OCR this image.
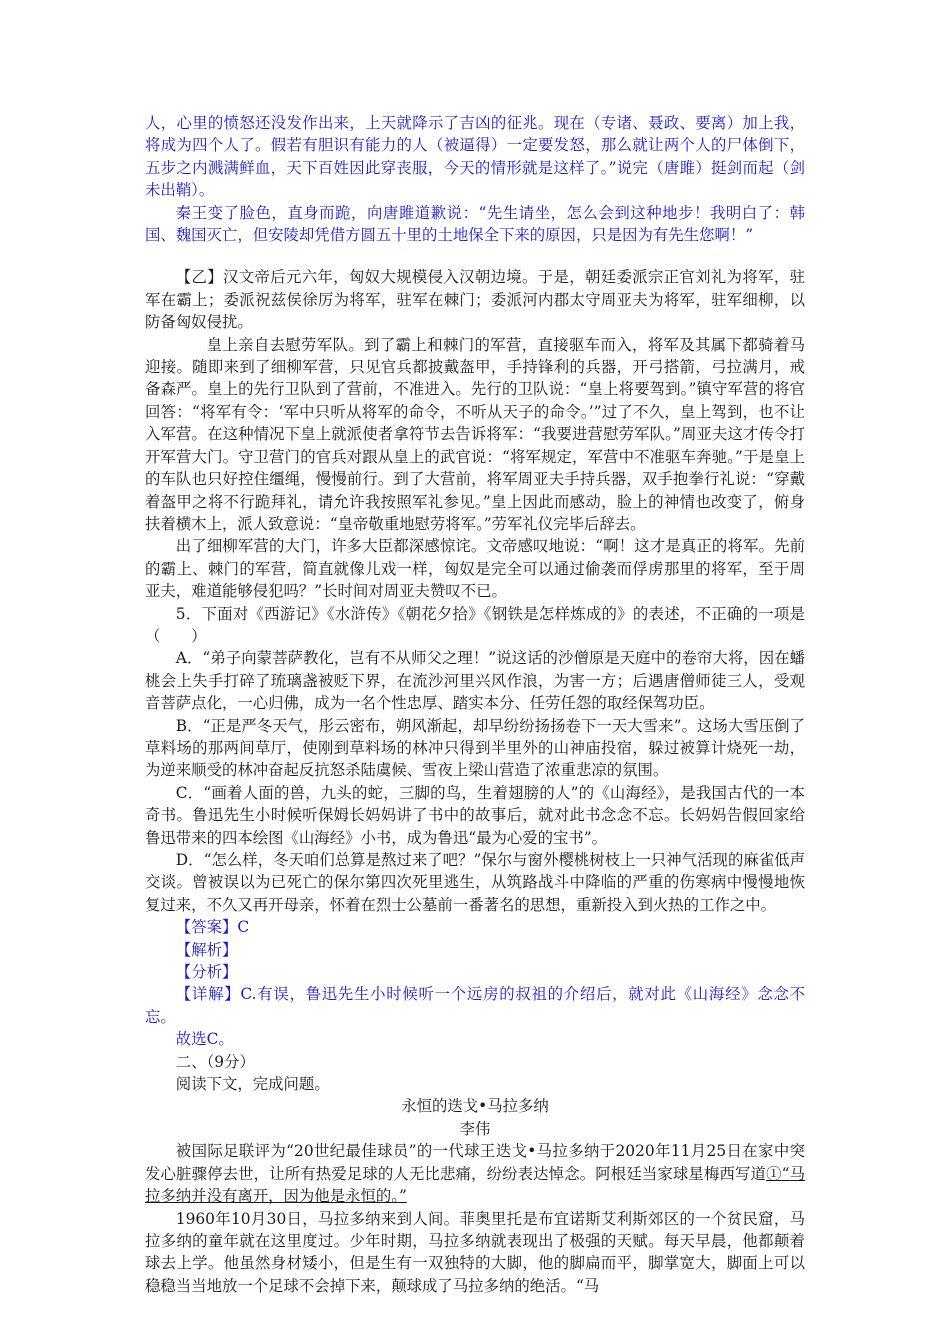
人，心里的愤怒还没发作出来，上天就降示了吉凶的征兆。现在（专诸、聂政、要离）加上我，将成为四个人了。假若有胆识有能力的人（被逼得）一定要发怒，那么就让两个人的尸体倒下，五步之内溅满鲜血，天下百姓因此穿丧服，今天的情形就是这样了。”说完（唐雎）挺剑而起（剑未出鞘）。

秦王变了脸色，直身而跪，向唐雎道歉说：“先生请坐，怎么会到这种地步！我明白了：韩国、魏国灭亡，但安陵却凭借方圆五十里的土地保全下来的原因，只是因为有先生您啊！”

【乙】汉文帝后元六年，匈奴大规模侵入汉朝边境。于是，朝廷委派宗正官刘礼为将军，驻军在霸上；委派祝兹侯徐厉为将军，驻军在棘门；委派河内郡太守周亚夫为将军，驻军细柳，以防备匈奴侵扰。

皇上亲自去慰劳军队。到了霸上和棘门的军营，直接驱车而入，将军及其属下都骑着马迎接。随即来到了细柳军营，只见官兵都披戴盔甲，手持锋利的兵器，开弓搭箭，弓拉满月，戒备森严。皇上的先行卫队到了营前，不准进入。先行的卫队说：“皇上将要驾到。”镇守军营的将官回答：“将军有令：‘军中只听从将军的命令，不听从天子的命令。’”过了不久，皇上驾到，也不让入军营。在这种情况下皇上就派使者拿符节去告诉将军：“我要进营慰劳军队。”周亚夫这才传令打开军营大门。守卫营门的官兵对跟从皇上的武官说：“将军规定，军营中不准驱车奔驰。”于是皇上的车队也只好控住缰绳，慢慢前行。到了大营前，将军周亚夫手持兵器，双手抱拳行礼说：“穿戴着盔甲之将不行跪拜礼，请允许我按照军礼参见。”皇上因此而感动，脸上的神情也改变了，俯身扶着横木上，派人致意说：“皇帝敬重地慰劳将军。”劳军礼仪完毕后辞去。

出了细柳军营的大门，许多大臣都深感惊诧。文帝感叹地说：“啊！这才是真正的将军。先前的霸上、棘门的军营，简直就像儿戏一样，匈奴是完全可以通过偷袭而俘虏那里的将军，至于周亚夫，难道能够侵犯吗？”长时间对周亚夫赞叹不已。

5．下面对《西游记》《水浒传》《朝花夕拾》《钢铁是怎样炼成的》的表述，不正确的一项是（　　）

A．“弟子向蒙菩萨教化，岂有不从师父之理！”说这话的沙僧原是天庭中的卷帘大将，因在蟠桃会上失手打碎了琉璃盏被贬下界，在流沙河里兴风作浪，为害一方；后遇唐僧师徒三人，受观音菩萨点化，一心归佛，成为一名个性忠厚、踏实本分、任劳任怨的取经保驾功臣。

B．“正是严冬天气，彤云密布，朔风渐起，却早纷纷扬扬卷下一天大雪来”。这场大雪压倒了草料场的那两间草厅，使刚到草料场的林冲只得到半里外的山神庙投宿，躲过被算计烧死一劫，为逆来顺受的林冲奋起反抗怒杀陆虞候、雪夜上梁山营造了浓重悲凉的氛围。

C．“画着人面的兽，九头的蛇，三脚的鸟，生着翅膀的人”的《山海经》，是我国古代的一本奇书。鲁迅先生小时候听保姆长妈妈讲了书中的故事后，就对此书念念不忘。长妈妈告假回家给鲁迅带来的四本绘图《山海经》小书，成为鲁迅“最为心爱的宝书”。

D．“怎么样，冬天咱们总算是熬过来了吧？”保尔与窗外樱桃树枝上一只神气活现的麻雀低声交谈。曾被误以为已死亡的保尔第四次死里逃生，从筑路战斗中降临的严重的伤寒病中慢慢地恢复过来，不久又再开母亲，怀着在烈士公墓前一番著名的思想，重新投入到火热的工作之中。

【答案】C

【解析】

【分析】

【详解】C.有误，鲁迅先生小时候听一个远房的叔祖的介绍后，就对此《山海经》念念不忘。

故选C。

二、（9分）

阅读下文，完成问题。

永恒的迭戈•马拉多纳

李伟

被国际足联评为“20世纪最佳球员”的一代球王迭戈•马拉多纳于2020年11月25日在家中突发心脏骤停去世，让所有热爱足球的人无比悲痛，纷纷表达悼念。阿根廷当家球星梅西写道①“马拉多纳并没有离开，因为他是永恒的。”

1960年10月30日，马拉多纳来到人间。菲奥里托是布宜诺斯艾利斯郊区的一个贫民窟，马拉多纳的童年就在这里度过。少年时期，马拉多纳就表现出了极强的天赋。每天早晨，他都颠着球去上学。他虽然身材矮小，但是生有一双独特的大脚，他的脚扁而平，脚掌宽大，脚面上可以稳稳当当地放一个足球不会掉下来，颠球成了马拉多纳的绝活。“马
